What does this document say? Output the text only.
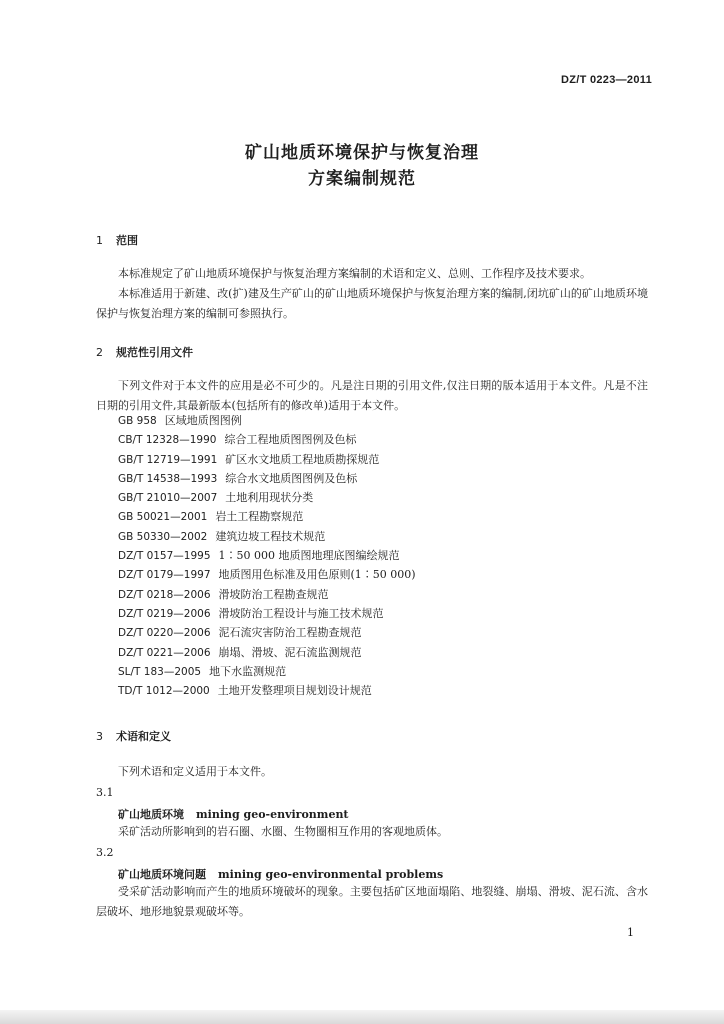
DZ/T 0223—2011
矿山地质环境保护与恢复治理
方案编制规范
1 范围
本标准规定了矿山地质环境保护与恢复治理方案编制的术语和定义、总则、工作程序及技术要求。
本标准适用于新建、改(扩)建及生产矿山的矿山地质环境保护与恢复治理方案的编制,闭坑矿山的矿山地质环境保护与恢复治理方案的编制可参照执行。
2 规范性引用文件
下列文件对于本文件的应用是必不可少的。凡是注日期的引用文件,仅注日期的版本适用于本文件。凡是不注日期的引用文件,其最新版本(包括所有的修改单)适用于本文件。
GB 958 区域地质图图例
CB/T 12328—1990 综合工程地质图图例及色标
GB/T 12719—1991 矿区水文地质工程地质勘探规范
GB/T 14538—1993 综合水文地质图图例及色标
GB/T 21010—2007 土地利用现状分类
GB 50021—2001 岩土工程勘察规范
GB 50330—2002 建筑边坡工程技术规范
DZ/T 0157—1995 1∶50 000 地质图地理底图编绘规范
DZ/T 0179—1997 地质图用色标准及用色原则(1∶50 000)
DZ/T 0218—2006 滑坡防治工程勘查规范
DZ/T 0219—2006 滑坡防治工程设计与施工技术规范
DZ/T 0220—2006 泥石流灾害防治工程勘查规范
DZ/T 0221—2006 崩塌、滑坡、泥石流监测规范
SL/T 183—2005 地下水监测规范
TD/T 1012—2000 土地开发整理项目规划设计规范
3 术语和定义
下列术语和定义适用于本文件。
3.1
矿山地质环境 mining geo-environment
采矿活动所影响到的岩石圈、水圈、生物圈相互作用的客观地质体。
3.2
矿山地质环境问题 mining geo-environmental problems
受采矿活动影响而产生的地质环境破坏的现象。主要包括矿区地面塌陷、地裂缝、崩塌、滑坡、泥石流、含水层破坏、地形地貌景观破坏等。
1
